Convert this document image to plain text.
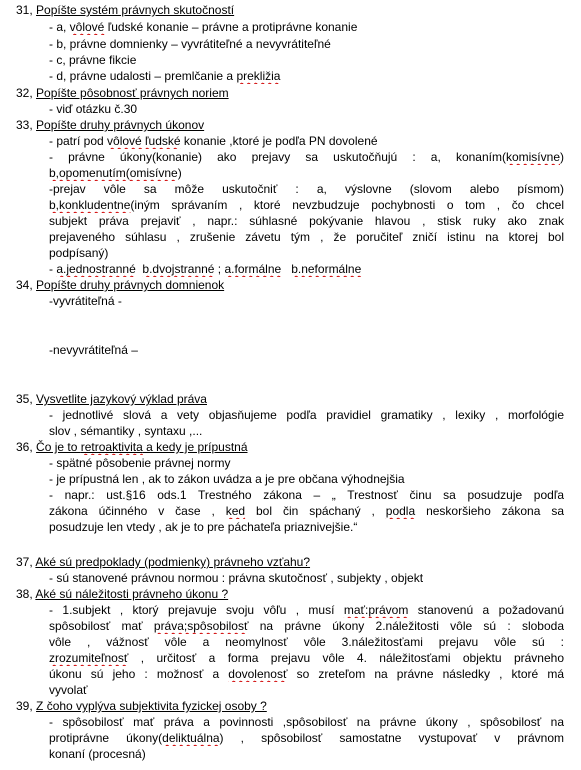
31, Popíšte systém právnych skutočností
- a, vôlové ľudské konanie – právne a protiprávne konanie
- b, právne domnienky – vyvrátiteľné a nevyvrátiteľné
- c, právne fikcie
- d, právne udalosti – premlčanie a prekližia
32, Popíšte pôsobnosť právnych noriem
- viď otázku č.30
33, Popíšte druhy právnych úkonov
- patrí pod vôlové ľudské konanie ,ktoré je podľa PN dovolené
- právne úkony(konanie) ako prejavy sa uskutočňujú : a, konaním(komisívne)
b,opomenutím(omisívne)
-prejav vôle sa môže uskutočniť : a, výslovne (slovom alebo písmom)
b,konkludentne(iným správaním , ktoré nevzbudzuje pochybnosti o tom , čo chcel
subjekt práva prejaviť , napr.: súhlasné pokývanie hlavou , stisk ruky ako znak
prejaveného súhlasu , zrušenie závetu tým , že poručiteľ zničí istinu na ktorej bol
podpísaný)
- a.jednostranné b.dvojstranné ; a.formálne b.neformálne
34, Popíšte druhy právnych domnienok
-vyvrátiteľná -
-nevyvrátiteľná –
35, Vysvetlite jazykový výklad práva
- jednotlivé slová a vety objasňujeme podľa pravidiel gramatiky , lexiky , morfológie
slov , sémantiky , syntaxu ,...
36, Čo je to retroaktivita a kedy je prípustná
- spätné pôsobenie právnej normy
- je prípustná len , ak to zákon uvádza a je pre občana výhodnejšia
- napr.: ust.§16 ods.1 Trestného zákona – „ Trestnosť činu sa posudzuje podľa
zákona účinného v čase , ked bol čin spáchaný , podla neskoršieho zákona sa
posudzuje len vtedy , ak je to pre páchateľa priaznivejšie.“
37, Aké sú predpoklady (podmienky) právneho vzťahu?
- sú stanovené právnou normou : právna skutočnosť , subjekty , objekt
38, Aké sú náležitosti právneho úkonu ?
- 1.subjekt , ktorý prejavuje svoju vôľu , musí mať:právom stanovenú a požadovanú
spôsobilosť mať práva;spôsobilosť na právne úkony 2.náležitosti vôle sú : sloboda
vôle , vážnosť vôle a neomylnosť vôle 3.náležitosťami prejavu vôle sú :
zrozumiteľnosť , určitosť a forma prejavu vôle 4. náležitosťami objektu právneho
úkonu sú jeho : možnosť a dovolenosť so zreteľom na právne následky , ktoré má
vyvolať
39, Z čoho vyplýva subjektivita fyzickej osoby ?
- spôsobilosť mať práva a povinnosti ,spôsobilosť na právne úkony , spôsobilosť na
protiprávne úkony(deliktuálna) , spôsobilosť samostatne vystupovať v právnom
konaní (procesná)
